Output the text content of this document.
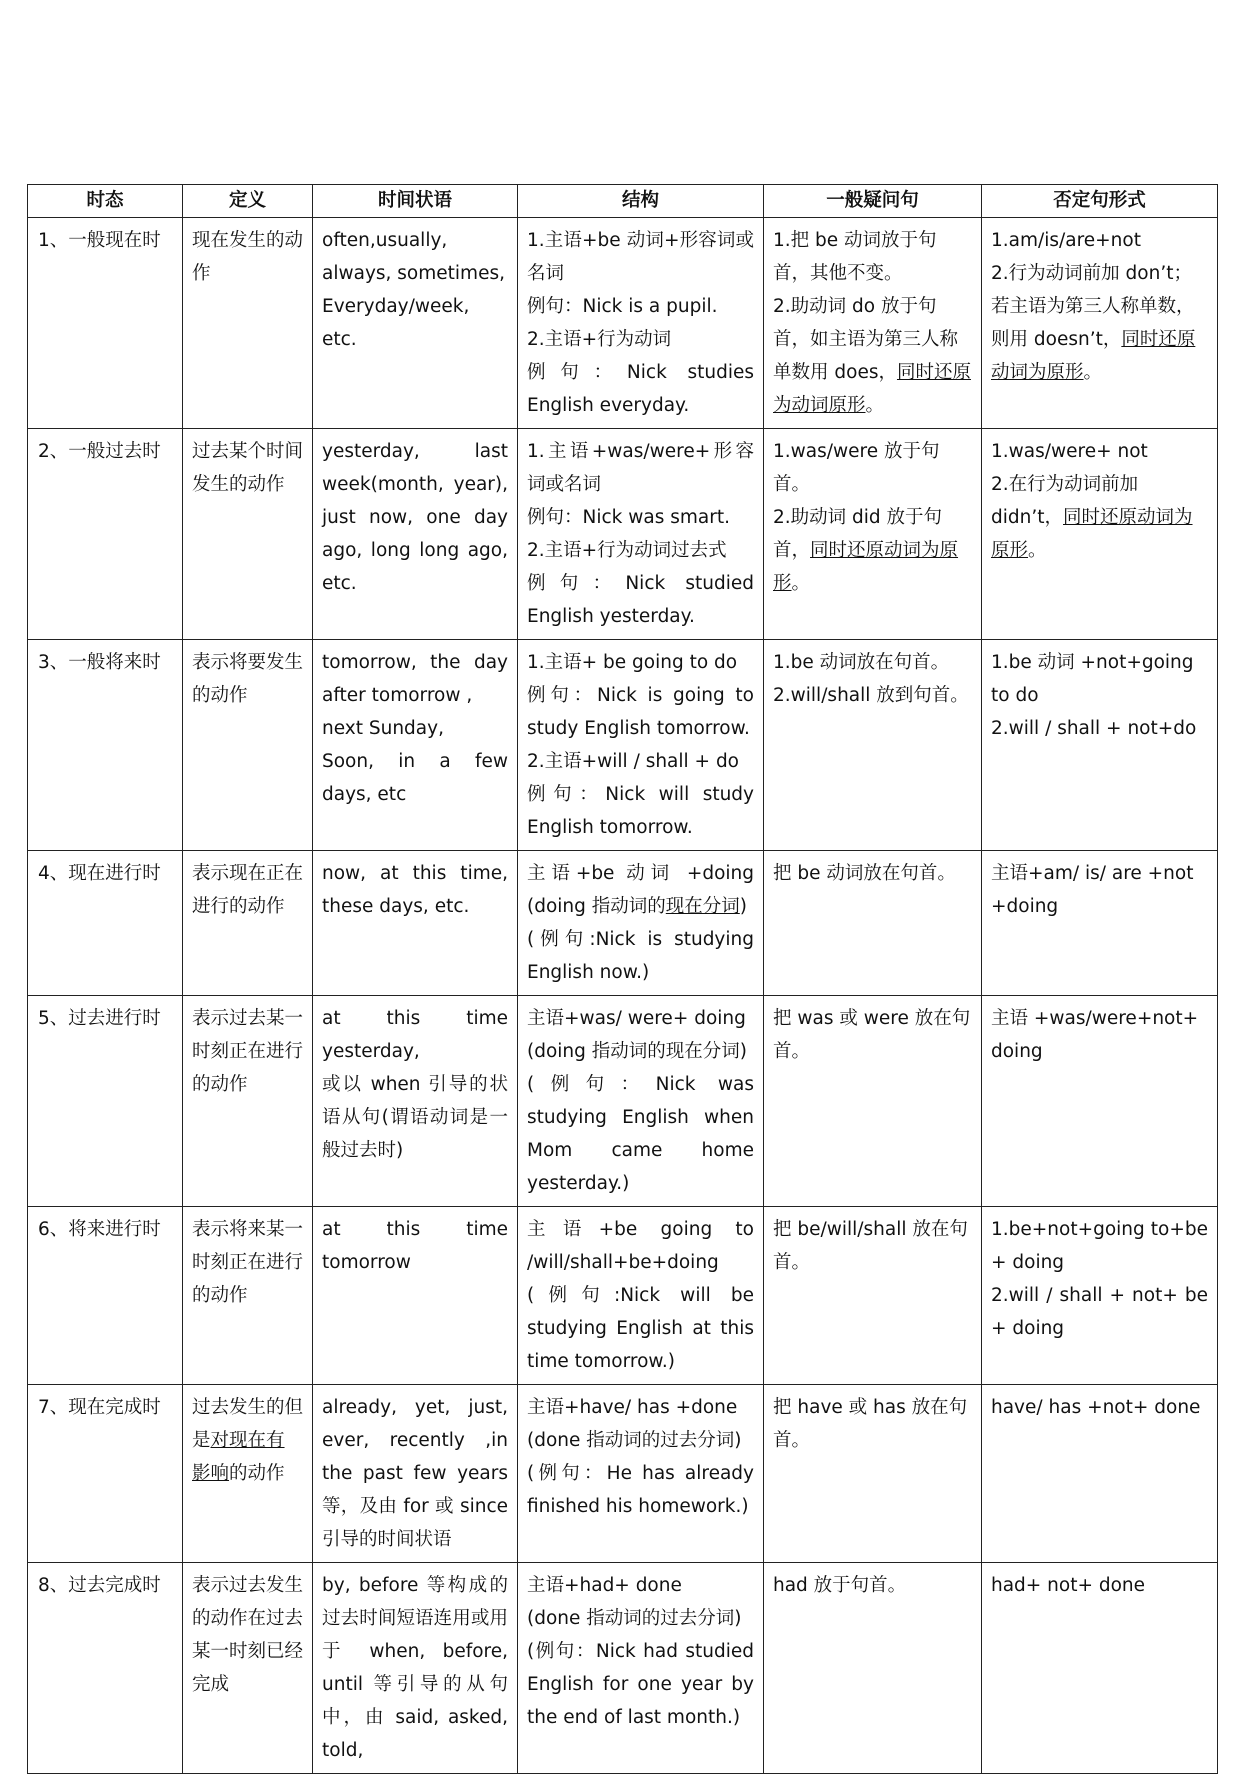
时态	定义	时间状语	结构	一般疑问句	否定句形式

1、一般现在时	现在发生的动作	often,usually, always, sometimes, Everyday/week, etc.	1.主语+be 动词+形容词或名词
例句：Nick is a pupil.
2.主语+行为动词
例句：Nick studies English everyday.	1.把 be 动词放于句首，其他不变。
2.助动词 do 放于句首，如主语为第三人称单数用 does，同时还原为动词原形。	1.am/is/are+not
2.行为动词前加 don’t；若主语为第三人称单数，则用 doesn’t，同时还原动词为原形。

2、一般过去时	过去某个时间发生的动作	yesterday, last week(month, year), just now, one day ago, long long ago, etc.	1.主语+was/were+形容词或名词
例句：Nick was smart.
2.主语+行为动词过去式
例句：Nick studied English yesterday.	1.was/were 放于句首。
2.助动词 did 放于句首，同时还原动词为原形。	1.was/were+ not
2.在行为动词前加 didn’t，同时还原动词为原形。

3、一般将来时	表示将要发生的动作	tomorrow, the day after tomorrow ,
next Sunday,
Soon, in a few days, etc	1.主语+ be going to do
例句：Nick is going to study English tomorrow.
2.主语+will / shall + do
例句：Nick will study English tomorrow.	1.be 动词放在句首。
2.will/shall 放到句首。	1.be 动词 +not+going to do
2.will / shall + not+do

4、现在进行时	表示现在正在进行的动作	now, at this time, these days, etc.	主语+be 动词 +doing (doing 指动词的现在分词)
(例句:Nick is studying English now.)	把 be 动词放在句首。	主语+am/ is/ are +not +doing

5、过去进行时	表示过去某一时刻正在进行的动作	at this time yesterday,
或以 when 引导的状语从句(谓语动词是一般过去时)	主语+was/ were+ doing
(doing 指动词的现在分词)
(例句：Nick was studying English when Mom came home yesterday.)	把 was 或 were 放在句首。	主语 +was/were+not+ doing

6、将来进行时	表示将来某一时刻正在进行的动作	at this time tomorrow	主语+be going to /will/shall+be+doing
(例句:Nick will be studying English at this time tomorrow.)	把 be/will/shall 放在句首。	1.be+not+going to+be + doing
2.will / shall + not+ be + doing

7、现在完成时	过去发生的但是对现在有影响的动作	already, yet, just, ever, recently ,in the past few years 等，及由 for 或 since 引导的时间状语	主语+have/ has +done
(done 指动词的过去分词)
(例句：He has already finished his homework.)	把 have 或 has 放在句首。	have/ has +not+ done

8、过去完成时	表示过去发生的动作在过去某一时刻已经完成	by, before 等构成的过去时间短语连用或用于 when, before, until 等引导的从句中，由 said, asked, told,	主语+had+ done
(done 指动词的过去分词)
(例句：Nick had studied English for one year by the end of last month.)	had 放于句首。	had+ not+ done
